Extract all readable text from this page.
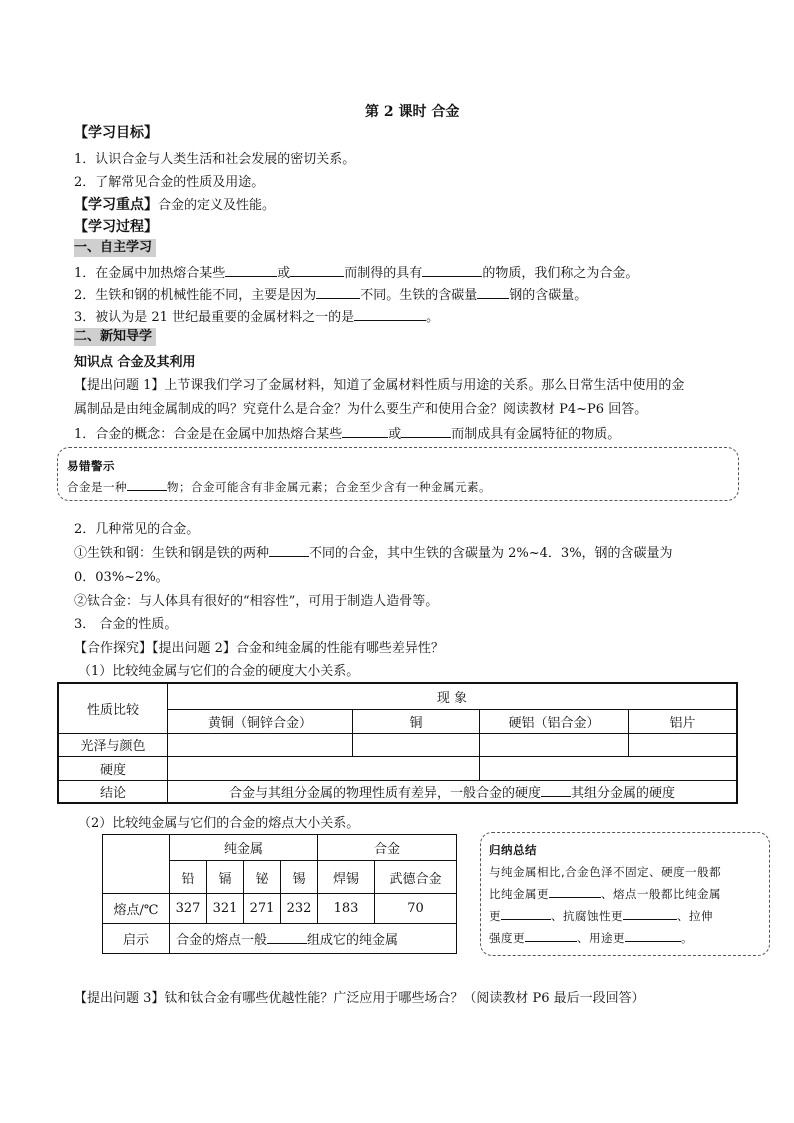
第 2 课时 合金
【学习目标】
1．认识合金与人类生活和社会发展的密切关系。
2．了解常见合金的性质及用途。
【学习重点】合金的定义及性能。
【学习过程】
一、自主学习
1．在金属中加热熔合某些	或	而制得的具有	的物质，我们称之为合金。
2．生铁和钢的机械性能不同，主要是因为	不同。生铁的含碳量 钢的含碳量。
3．被认为是 21 世纪最重要的金属材料之一的是	。
二、新知导学
知识点 合金及其利用
【提出问题 1】上节课我们学习了金属材料，知道了金属材料性质与用途的关系。那么日常生活中使用的金
属制品是由纯金属制成的吗？究竟什么是合金？为什么要生产和使用合金？阅读教材 P4~P6 回答。
1．合金的概念：合金是在金属中加热熔合某些	或	而制成具有金属特征的物质。
易错警示
合金是一种	物；合金可能含有非金属元素；合金至少含有一种金属元素。
2．几种常见的合金。
①生铁和钢：生铁和钢是铁的两种	不同的合金，其中生铁的含碳量为 2%~4．3%，钢的含碳量为
0．03%~2%。
②钛合金：与人体具有很好的“相容性”，可用于制造人造骨等。
3． 合金的性质。
【合作探究】【提出问题 2】合金和纯金属的性能有哪些差异性？
（1）比较纯金属与它们的合金的硬度大小关系。
性质比较	现 象			
	黄铜（铜锌合金）	铜	硬铝（铝合金）	铝片
光泽与颜色				
硬度				
结论	合金与其组分金属的物理性质有差异，一般合金的硬度 其组分金属的硬度			
（2）比较纯金属与它们的合金的熔点大小关系。
	纯金属				合金	
	铅	镉	铋	锡	焊锡	武德合金
熔点/℃	327	321	271	232	183	70
启示	合金的熔点一般 组成它的纯金属					
归纳总结
与纯金属相比,合金色泽不固定、硬度一般都
比纯金属更	、熔点一般都比纯金属
更	、抗腐蚀性更	、拉伸
强度更	、用途更	。
【提出问题 3】钛和钛合金有哪些优越性能？广泛应用于哪些场合？（阅读教材 P6 最后一段回答）
